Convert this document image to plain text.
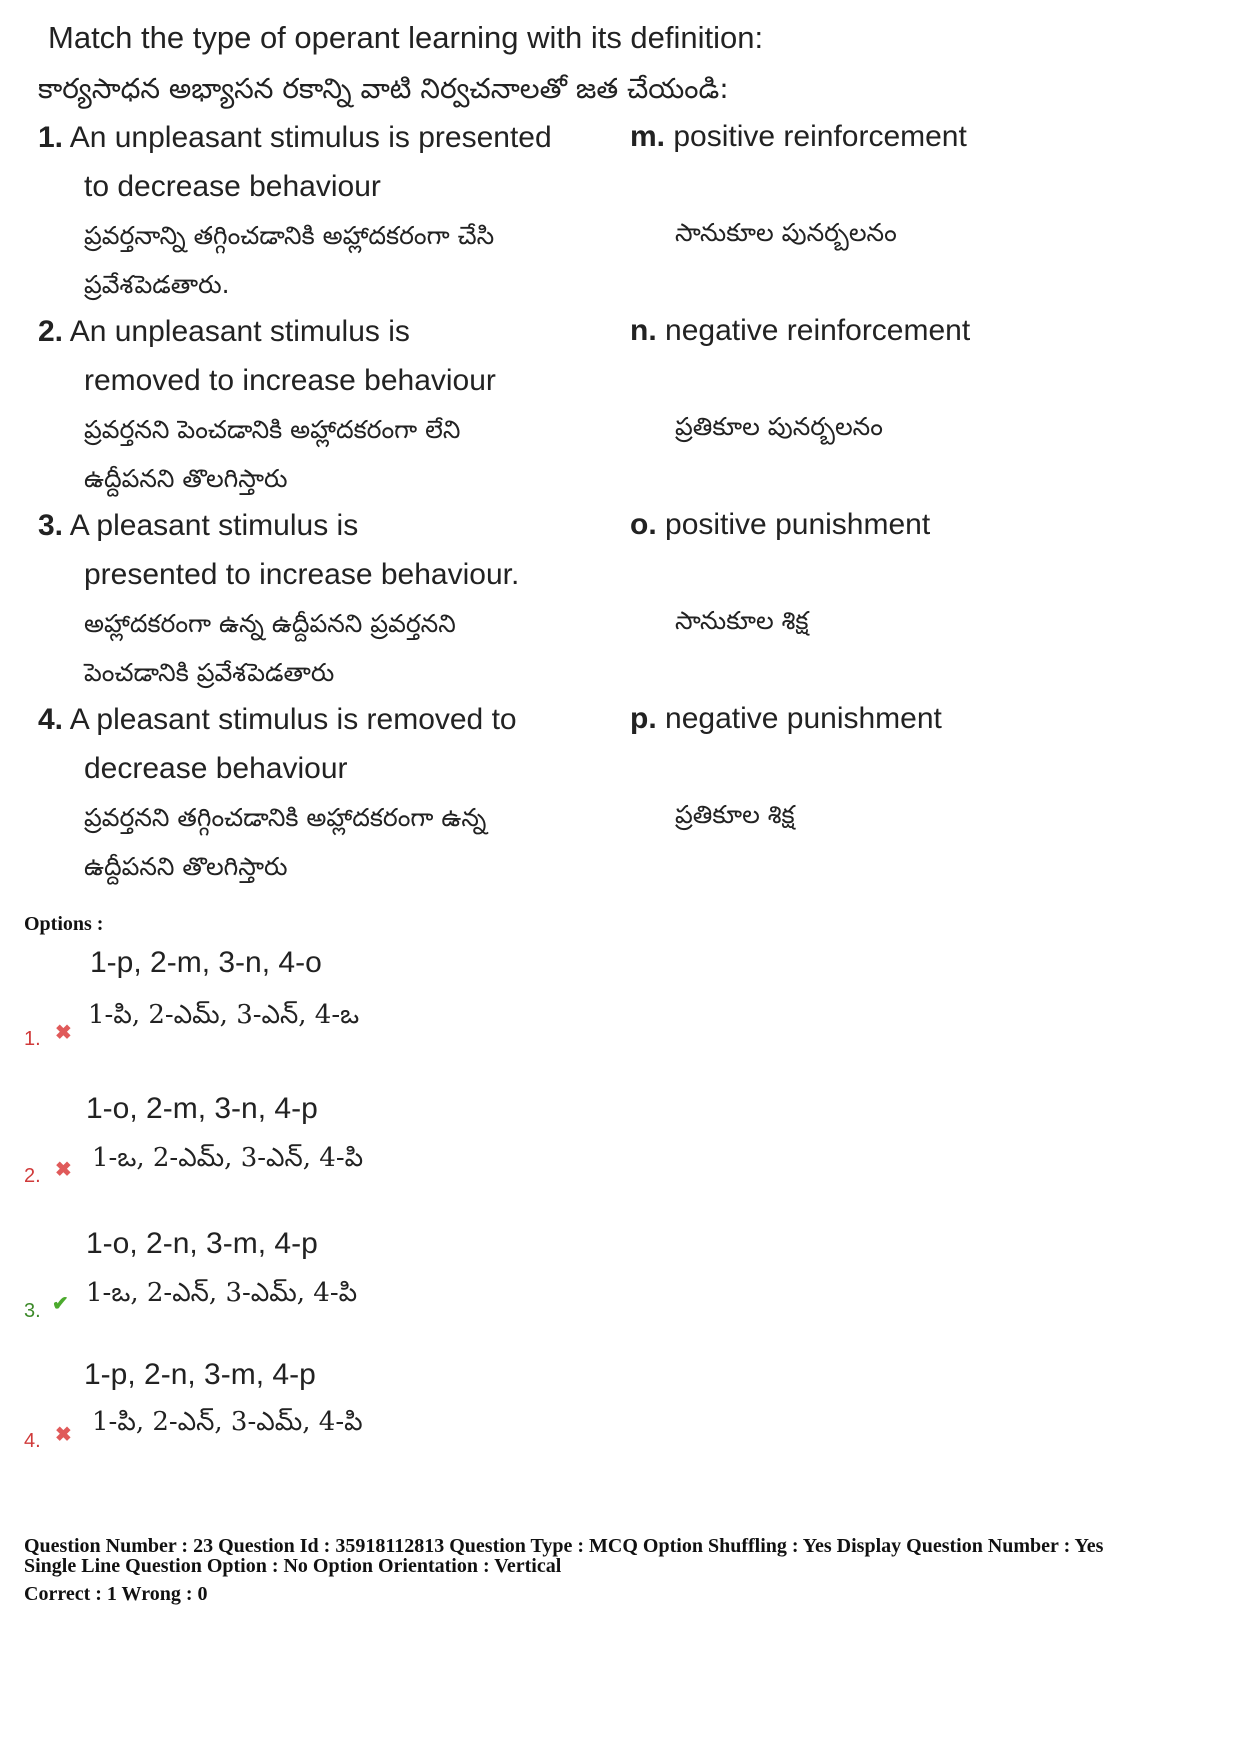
Match the type of operant learning with its definition:
కార్యసాధన అభ్యాసన రకాన్ని వాటి నిర్వచనాలతో జత చేయండి:
1. An unpleasant stimulus is presented
to decrease behaviour
ప్రవర్తనాన్ని తగ్గించడానికి అహ్లాదకరంగా చేసి
ప్రవేశపెడతారు.
2. An unpleasant stimulus is
removed to increase behaviour
ప్రవర్తనని పెంచడానికి అహ్లాదకరంగా లేని
ఉద్దీపనని తొలగిస్తారు
3. A pleasant stimulus is
presented to increase behaviour.
అహ్లాదకరంగా ఉన్న ఉద్దీపనని ప్రవర్తనని
పెంచడానికి ప్రవేశపెడతారు
4. A pleasant stimulus is removed to
decrease behaviour
ప్రవర్తనని తగ్గించడానికి అహ్లాదకరంగా ఉన్న
ఉద్దీపనని తొలగిస్తారు
m. positive reinforcement
సానుకూల పునర్బలనం
n. negative reinforcement
ప్రతికూల పునర్బలనం
o. positive punishment
సానుకూల శిక్ష
p. negative punishment
ప్రతికూల శిక్ష
Options :
1-p, 2-m, 3-n, 4-o
1-పి, 2-ఎమ్, 3-ఎన్, 4-ఒ
1. ✖
1-o, 2-m, 3-n, 4-p
1-ఒ, 2-ఎమ్, 3-ఎన్, 4-పి
2. ✖
1-o, 2-n, 3-m, 4-p
1-ఒ, 2-ఎన్, 3-ఎమ్, 4-పి
3. ✔
1-p, 2-n, 3-m, 4-p
1-పి, 2-ఎన్, 3-ఎమ్, 4-పి
4. ✖
Question Number : 23 Question Id : 35918112813 Question Type : MCQ Option Shuffling : Yes Display Question Number : Yes
Single Line Question Option : No Option Orientation : Vertical
Correct : 1 Wrong : 0
